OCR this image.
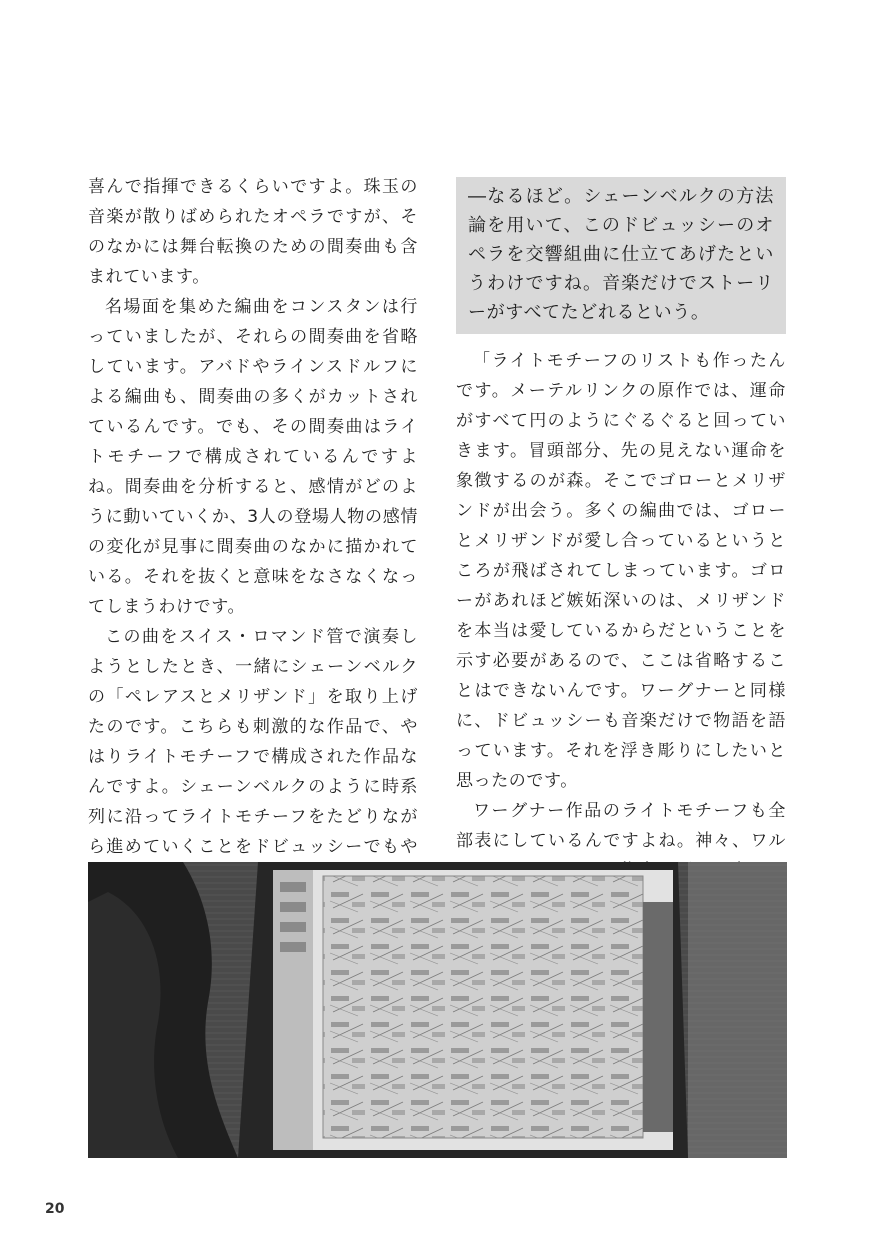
喜んで指揮できるくらいですよ。珠玉の音楽が散りばめられたオペラですが、そのなかには舞台転換のための間奏曲も含まれています。

名場面を集めた編曲をコンスタンは行っていましたが、それらの間奏曲を省略しています。アバドやラインスドルフによる編曲も、間奏曲の多くがカットされているんです。でも、その間奏曲はライトモチーフで構成されているんですよね。間奏曲を分析すると、感情がどのように動いていくか、3人の登場人物の感情の変化が見事に間奏曲のなかに描かれている。それを抜くと意味をなさなくなってしまうわけです。

この曲をスイス・ロマンド管で演奏しようとしたとき、一緒にシェーンベルクの「ペレアスとメリザンド」を取り上げたのです。こちらも刺激的な作品で、やはりライトモチーフで構成された作品なんですよ。シェーンベルクのように時系列に沿ってライトモチーフをたどりながら進めていくことをドビュッシーでもや

―なるほど。シェーンベルクの方法論を用いて、このドビュッシーのオペラを交響組曲に仕立てあげたというわけですね。音楽だけでストーリーがすべてたどれるという。

「ライトモチーフのリストも作ったんです。メーテルリンクの原作では、運命がすべて円のようにぐるぐると回っていきます。冒頭部分、先の見えない運命を象徴するのが森。そこでゴローとメリザンドが出会う。多くの編曲では、ゴローとメリザンドが愛し合っているというところが飛ばされてしまっています。ゴローがあれほど嫉妬深いのは、メリザンドを本当は愛しているからだということを示す必要があるので、ここは省略することはできないんです。ワーグナーと同様に、ドビュッシーも音楽だけで物語を語っています。それを浮き彫りにしたいと思ったのです。

ワーグナー作品のライトモチーフも全部表にしているんですよね。神々、ワル

20
